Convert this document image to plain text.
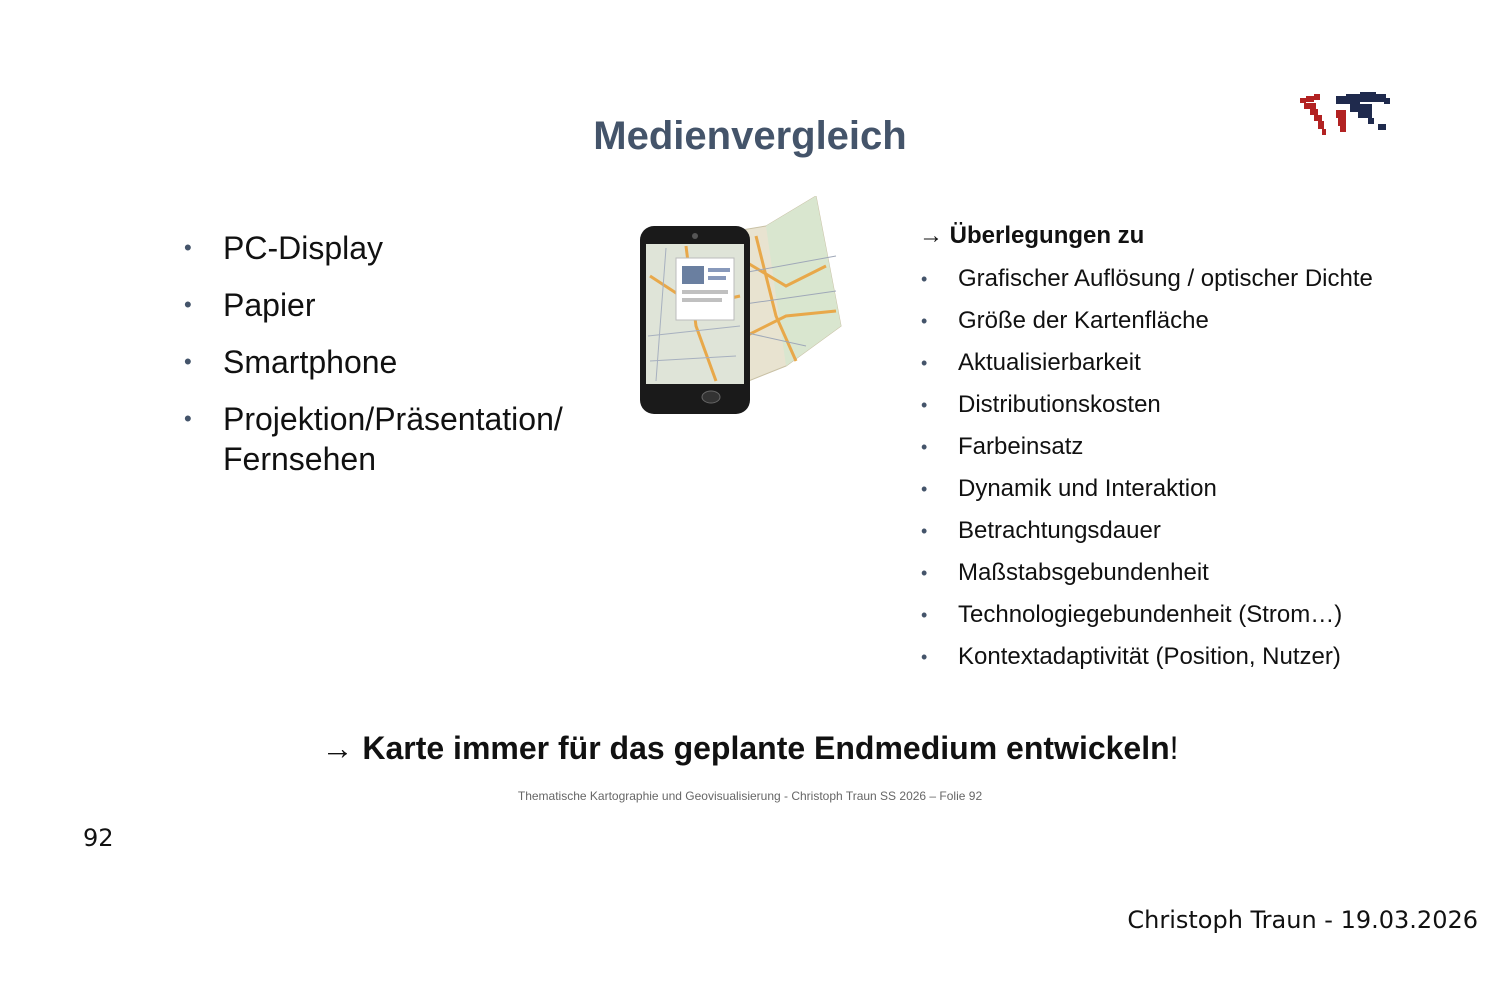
Medienvergleich
• PC-Display
• Papier
• Smartphone
• Projektion/Präsentation/ Fernsehen
→ Überlegungen zu
• Grafischer Auflösung / optischer Dichte
• Größe der Kartenfläche
• Aktualisierbarkeit
• Distributionskosten
• Farbeinsatz
• Dynamik und Interaktion
• Betrachtungsdauer
• Maßstabsgebundenheit
• Technologiegebundenheit (Strom…)
• Kontextadaptivität (Position, Nutzer)
→ Karte immer für das geplante Endmedium entwickeln!
Thematische Kartographie und Geovisualisierung - Christoph Traun SS 2026 – Folie 92
92
Christoph Traun - 19.03.2026
